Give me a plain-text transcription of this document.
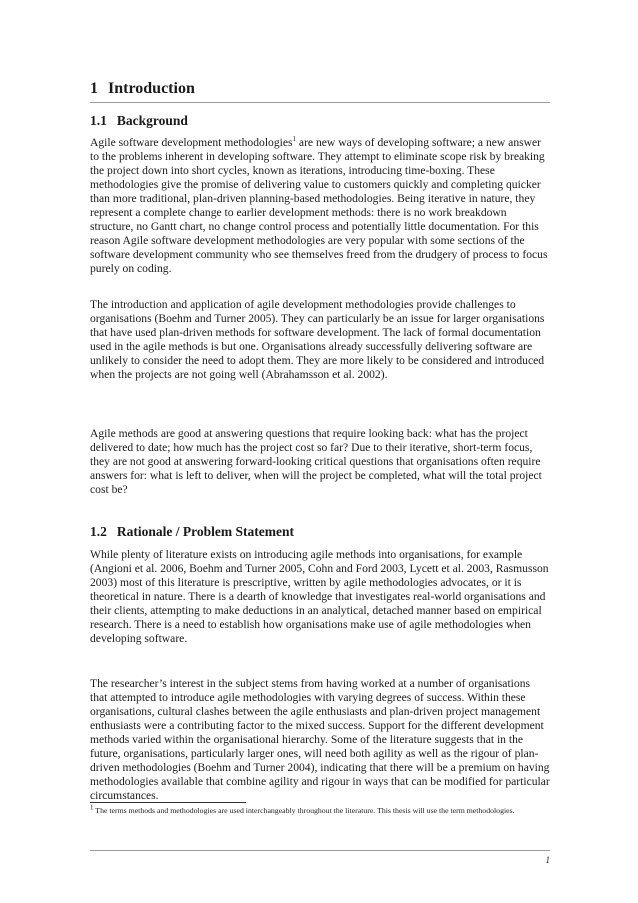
1 Introduction
1.1 Background

Agile software development methodologies$^1$ are new ways of developing software; a new answer to the problems inherent in developing software. They attempt to eliminate scope risk by breaking the project down into short cycles, known as iterations, introducing time-boxing. These methodologies give the promise of delivering value to customers quickly and completing quicker than more traditional, plan-driven planning-based methodologies. Being iterative in nature, they represent a complete change to earlier development methods: there is no work breakdown structure, no Gantt chart, no change control process and potentially little documentation. For this reason Agile software development methodologies are very popular with some sections of the software development community who see themselves freed from the drudgery of process to focus purely on coding.

The introduction and application of agile development methodologies provide challenges to organisations (Boehm and Turner 2005). They can particularly be an issue for larger organisations that have used plan-driven methods for software development. The lack of formal documentation used in the agile methods is but one. Organisations already successfully delivering software are unlikely to consider the need to adopt them. They are more likely to be considered and introduced when the projects are not going well (Abrahamsson et al. 2002).

Agile methods are good at answering questions that require looking back: what has the project delivered to date; how much has the project cost so far? Due to their iterative, short-term focus, they are not good at answering forward-looking critical questions that organisations often require answers for: what is left to deliver, when will the project be completed, what will the total project cost be?

1.2 Rationale / Problem Statement

While plenty of literature exists on introducing agile methods into organisations, for example (Angioni et al. 2006, Boehm and Turner 2005, Cohn and Ford 2003, Lycett et al. 2003, Rasmusson 2003) most of this literature is prescriptive, written by agile methodologies advocates, or it is theoretical in nature. There is a dearth of knowledge that investigates real-world organisations and their clients, attempting to make deductions in an analytical, detached manner based on empirical research. There is a need to establish how organisations make use of agile methodologies when developing software.

The researcher’s interest in the subject stems from having worked at a number of organisations that attempted to introduce agile methodologies with varying degrees of success. Within these organisations, cultural clashes between the agile enthusiasts and plan-driven project management enthusiasts were a contributing factor to the mixed success. Support for the different development methods varied within the organisational hierarchy. Some of the literature suggests that in the future, organisations, particularly larger ones, will need both agility as well as the rigour of plan-driven methodologies (Boehm and Turner 2004), indicating that there will be a premium on having methodologies available that combine agility and rigour in ways that can be modified for particular circumstances.

$^1$ The terms methods and methodologies are used interchangeably throughout the literature. This thesis will use the term methodologies.
1
